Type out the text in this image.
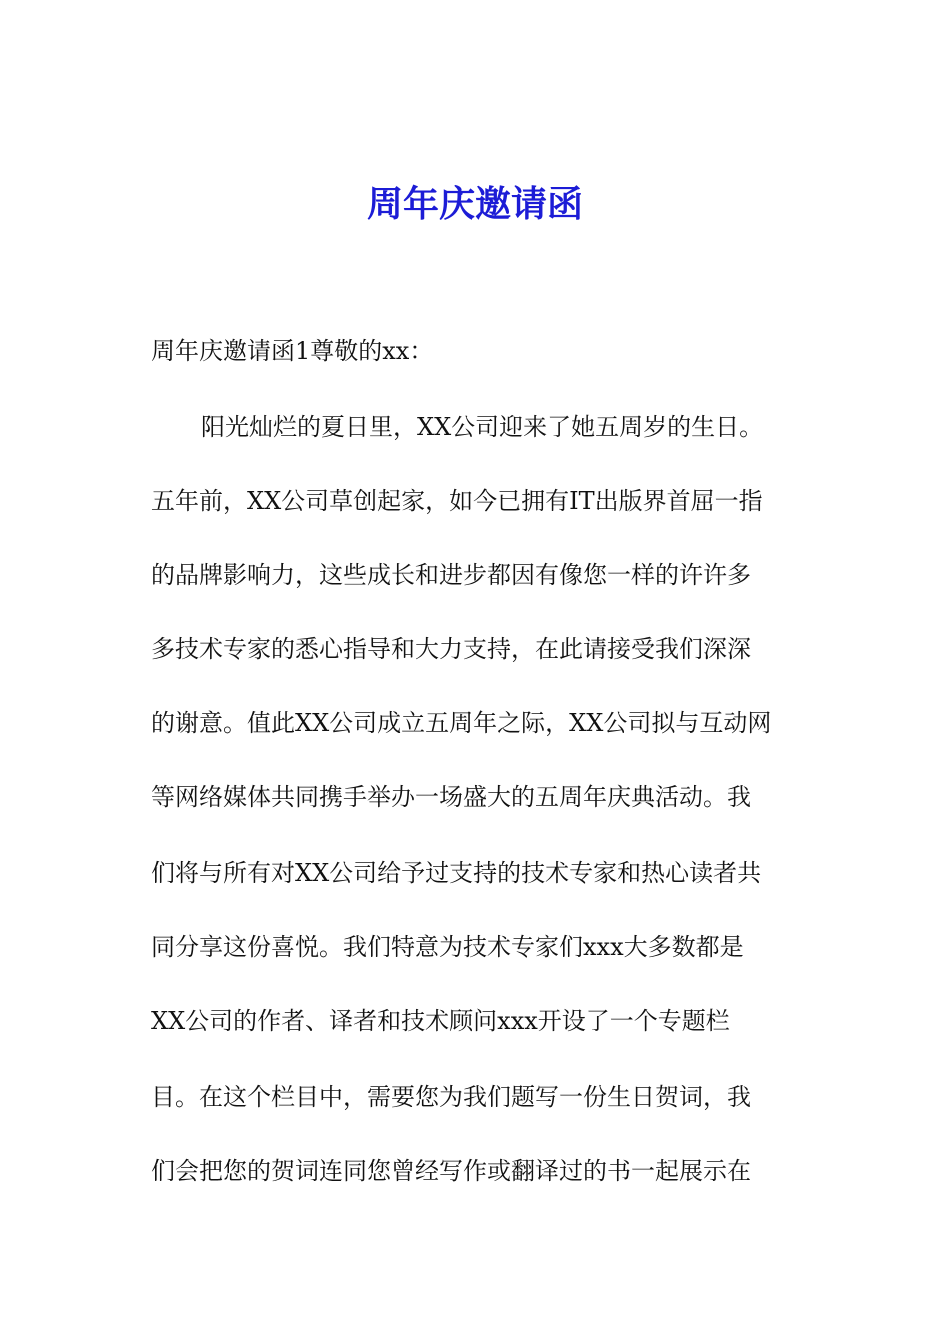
周年庆邀请函

周年庆邀请函1尊敬的xx：

阳光灿烂的夏日里，XX公司迎来了她五周岁的生日。

五年前，XX公司草创起家，如今已拥有IT出版界首屈一指

的品牌影响力，这些成长和进步都因有像您一样的许许多

多技术专家的悉心指导和大力支持，在此请接受我们深深

的谢意。值此XX公司成立五周年之际，XX公司拟与互动网

等网络媒体共同携手举办一场盛大的五周年庆典活动。我

们将与所有对XX公司给予过支持的技术专家和热心读者共

同分享这份喜悦。我们特意为技术专家们xxx大多数都是

XX公司的作者、译者和技术顾问xxx开设了一个专题栏

目。在这个栏目中，需要您为我们题写一份生日贺词，我

们会把您的贺词连同您曾经写作或翻译过的书一起展示在
